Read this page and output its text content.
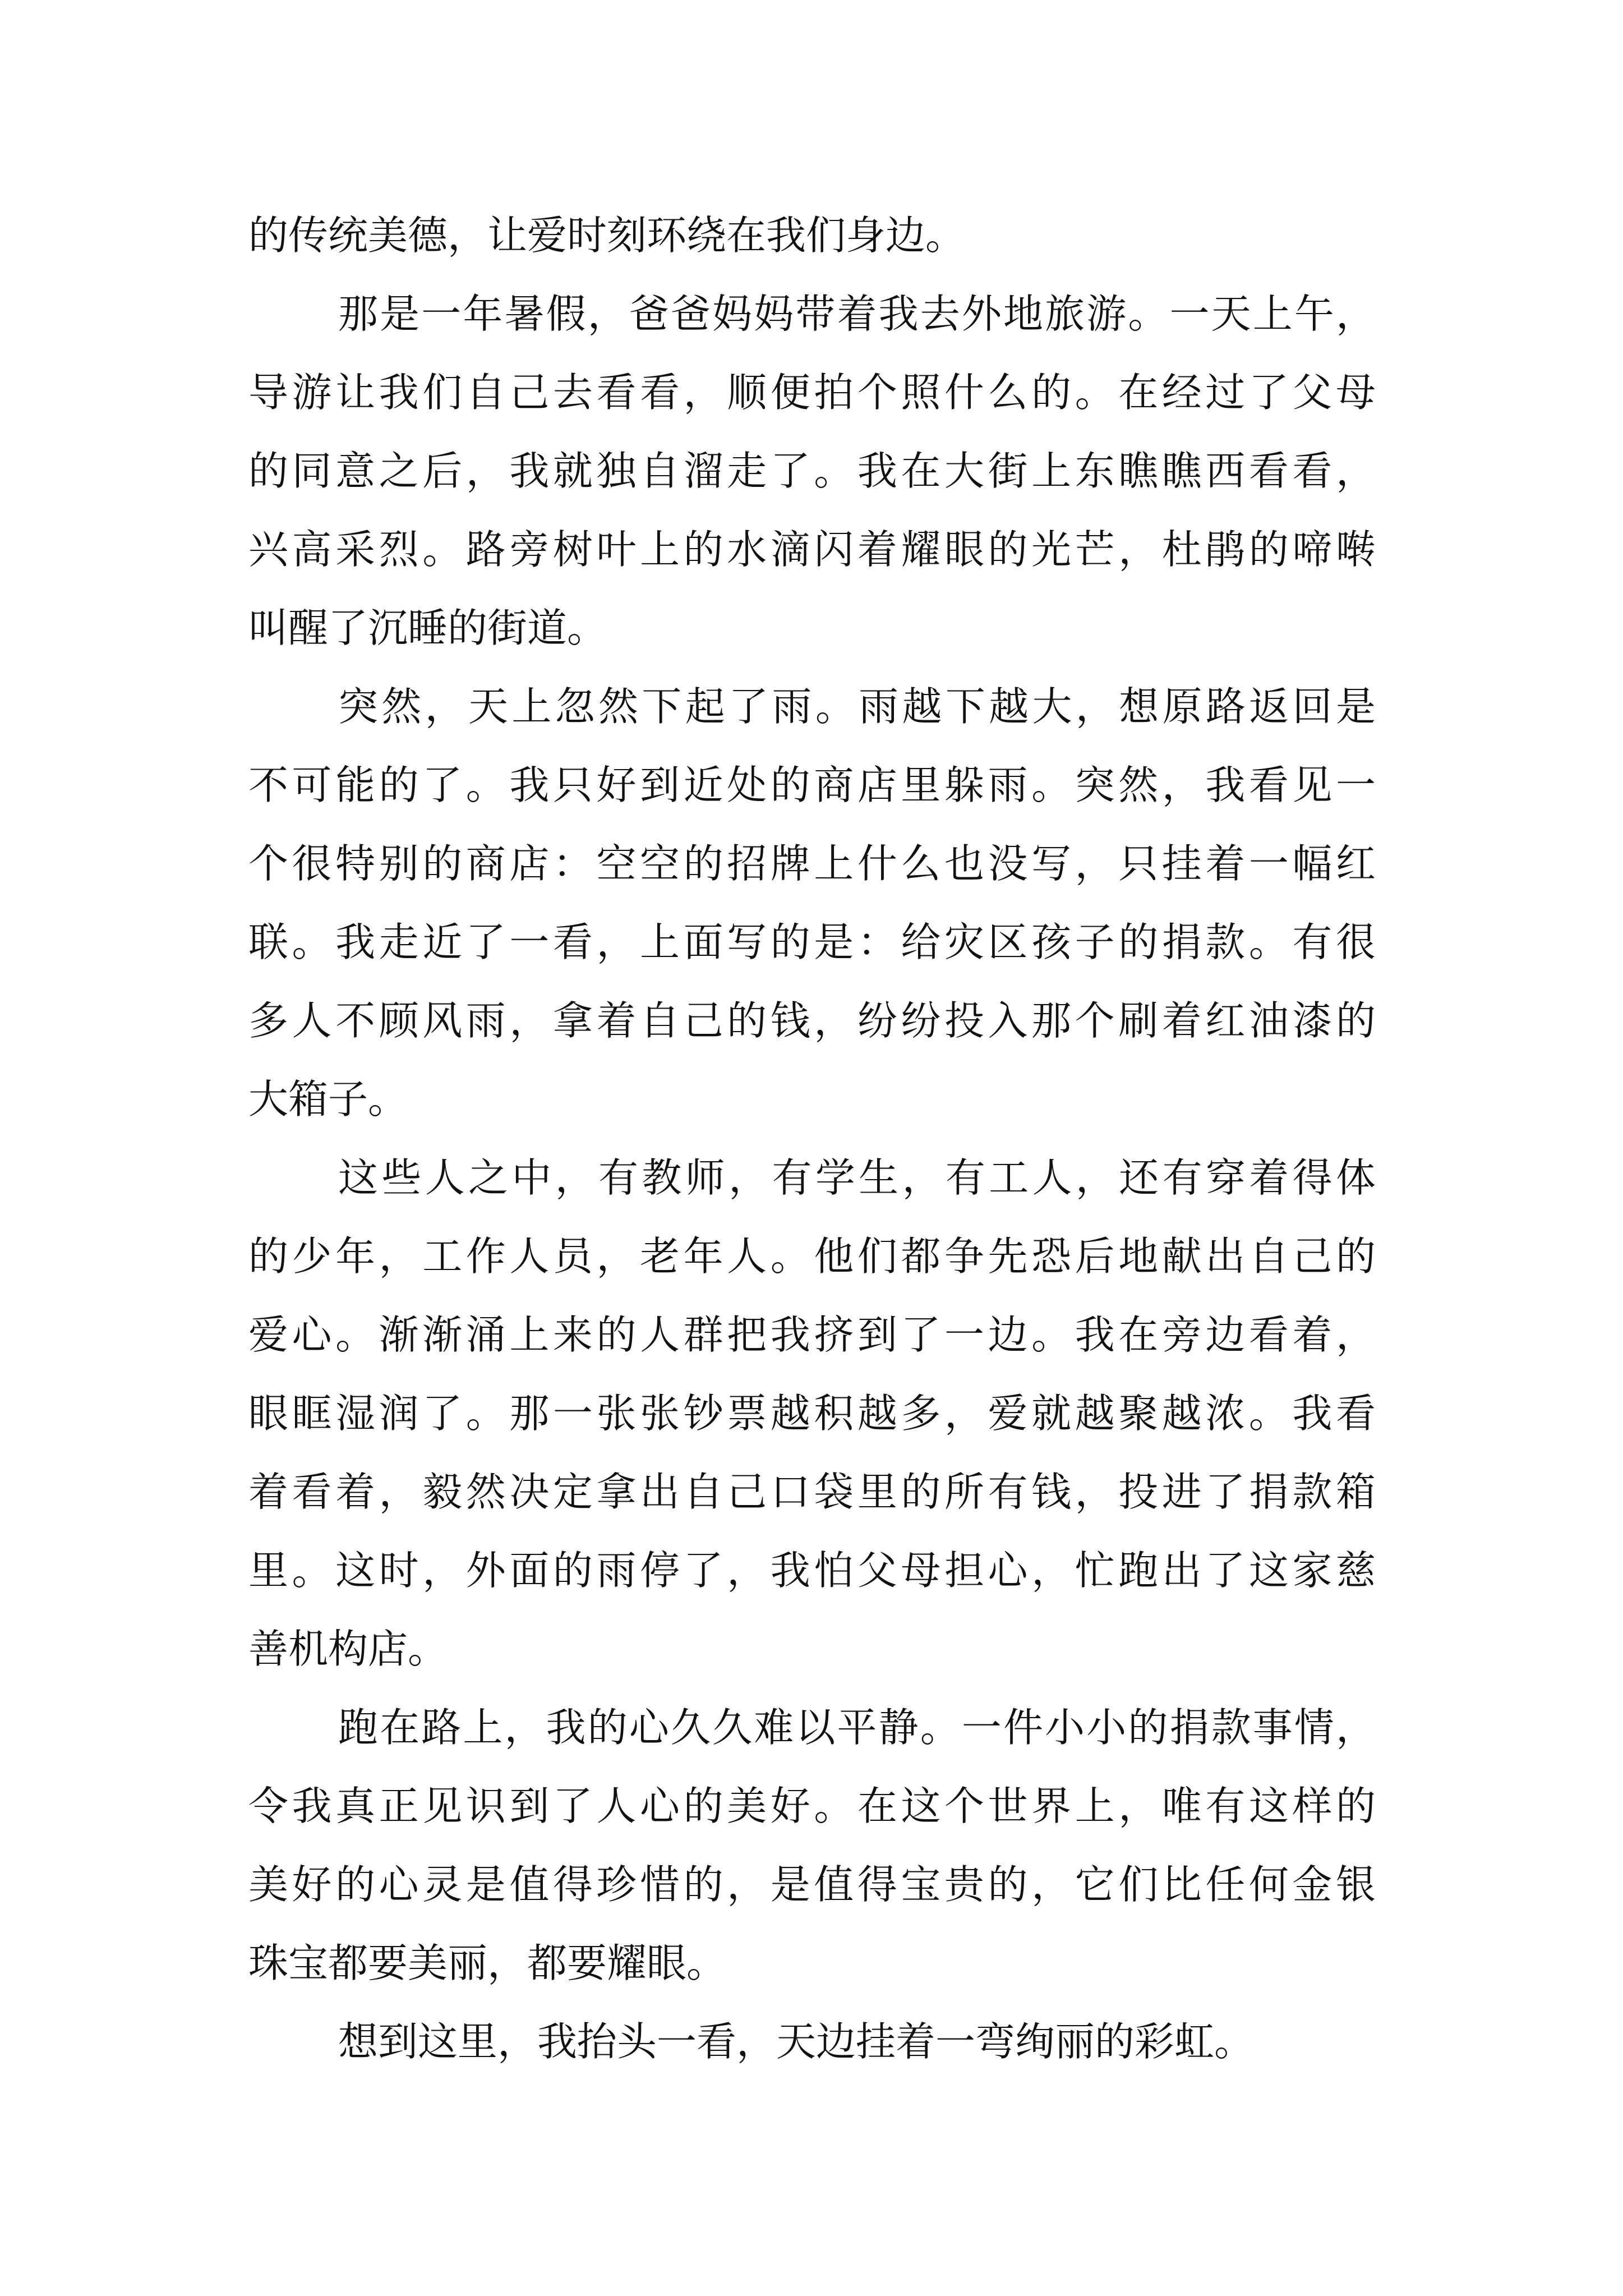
的传统美德，让爱时刻环绕在我们身边。
那是一年暑假，爸爸妈妈带着我去外地旅游。一天上午，
导游让我们自己去看看，顺便拍个照什么的。在经过了父母
的同意之后，我就独自溜走了。我在大街上东瞧瞧西看看，
兴高采烈。路旁树叶上的水滴闪着耀眼的光芒，杜鹃的啼啭
叫醒了沉睡的街道。
突然，天上忽然下起了雨。雨越下越大，想原路返回是
不可能的了。我只好到近处的商店里躲雨。突然，我看见一
个很特别的商店：空空的招牌上什么也没写，只挂着一幅红
联。我走近了一看，上面写的是：给灾区孩子的捐款。有很
多人不顾风雨，拿着自己的钱，纷纷投入那个刷着红油漆的
大箱子。
这些人之中，有教师，有学生，有工人，还有穿着得体
的少年，工作人员，老年人。他们都争先恐后地献出自己的
爱心。渐渐涌上来的人群把我挤到了一边。我在旁边看着，
眼眶湿润了。那一张张钞票越积越多，爱就越聚越浓。我看
着看着，毅然决定拿出自己口袋里的所有钱，投进了捐款箱
里。这时，外面的雨停了，我怕父母担心，忙跑出了这家慈
善机构店。
跑在路上，我的心久久难以平静。一件小小的捐款事情，
令我真正见识到了人心的美好。在这个世界上，唯有这样的
美好的心灵是值得珍惜的，是值得宝贵的，它们比任何金银
珠宝都要美丽，都要耀眼。
想到这里，我抬头一看，天边挂着一弯绚丽的彩虹。
